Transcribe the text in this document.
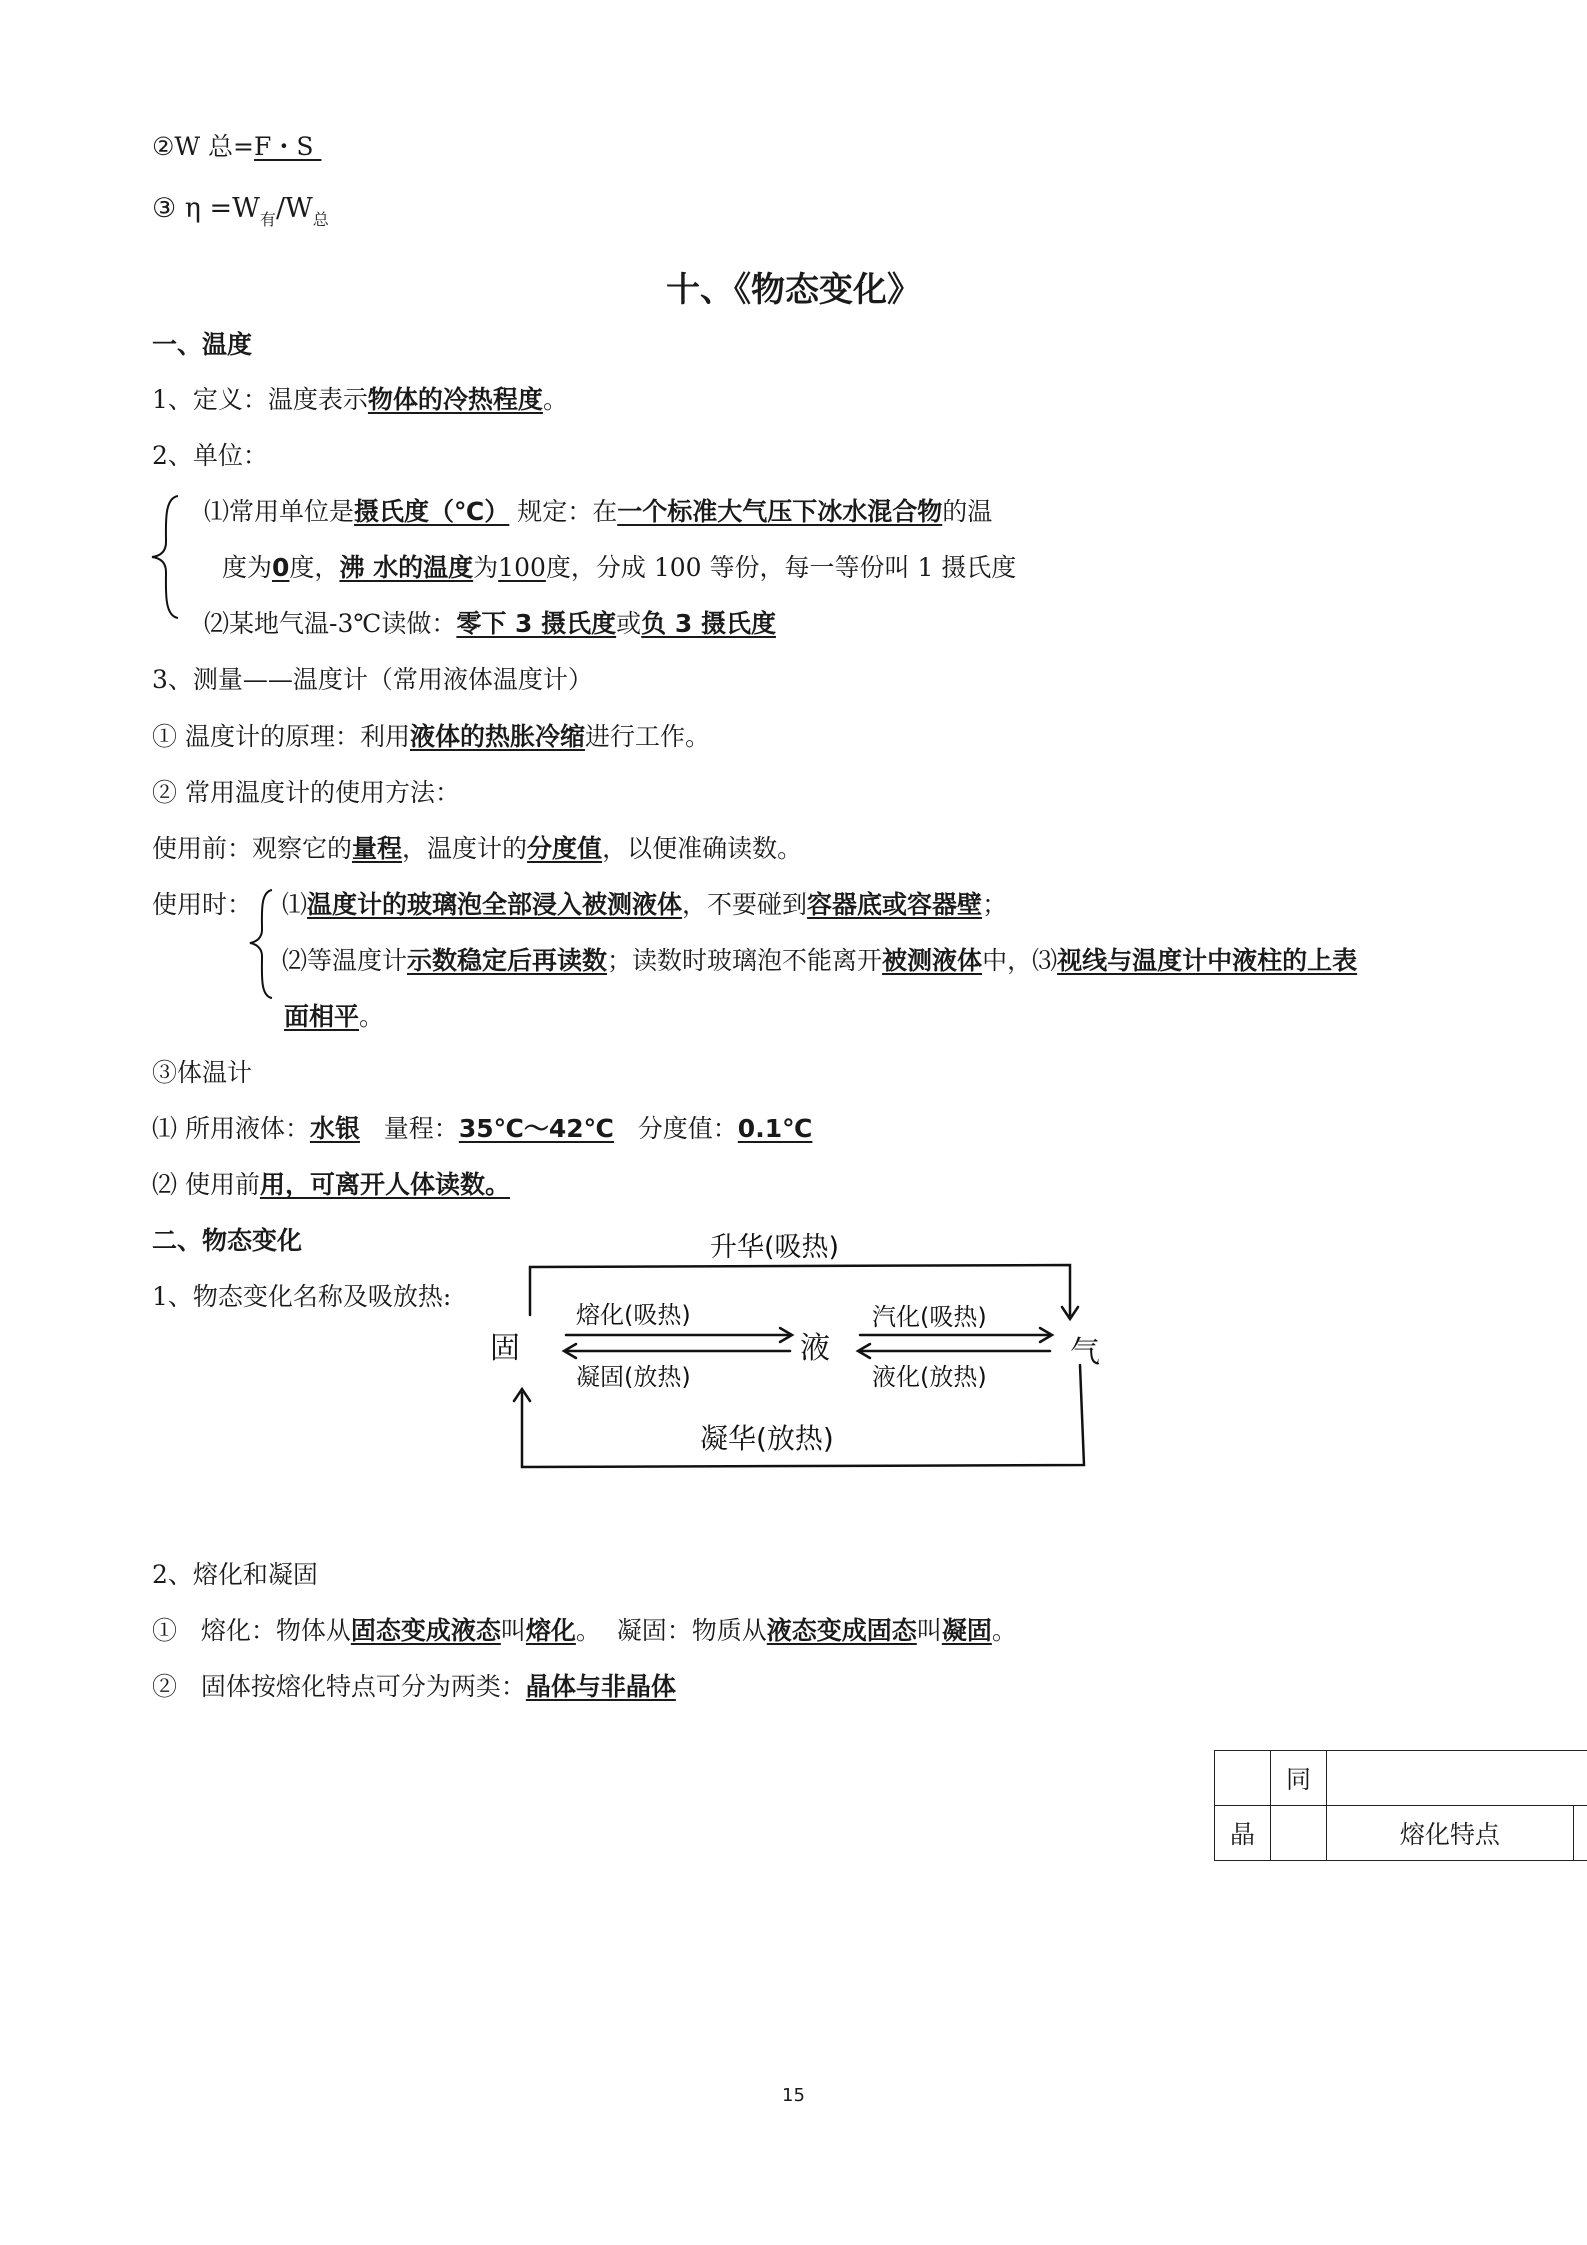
②W 总=F・S
③ $\eta =W_有/W_总$
十、《物态变化》
一、温度
1、定义：温度表示物体的冷热程度。
2、单位：
⑴常用单位是摄氏度（℃） 规定：在一个标准大气压下冰水混合物的温
度为0度，沸 水的温度为100度，分成 100 等份，每一等份叫 1 摄氏度
⑵某地气温-3℃读做：零下 3 摄氏度或负 3 摄氏度
3、测量——温度计（常用液体温度计）
① 温度计的原理：利用液体的热胀冷缩进行工作。
② 常用温度计的使用方法：
使用前：观察它的量程，温度计的分度值，以便准确读数。
使用时： ⑴温度计的玻璃泡全部浸入被测液体，不要碰到容器底或容器壁；
⑵等温度计示数稳定后再读数；读数时玻璃泡不能离开被测液体中，⑶视线与温度计中液柱的上表
面相平。
③体温计
⑴ 所用液体：水银   量程：35℃～42℃   分度值：0.1℃
⑵ 使用前用，可离开人体读数。
二、物态变化
1、物态变化名称及吸放热:
固	液	气
升华(吸热)
熔化(吸热)
凝固(放热)
汽化(吸热)
液化(放热)
凝华(放热)
2、熔化和凝固
①   熔化：物体从固态变成液态叫熔化。  凝固：物质从液态变成固态叫凝固。
②   固体按熔化特点可分为两类：晶体与非晶体
	同		
晶		熔化特点	
15
